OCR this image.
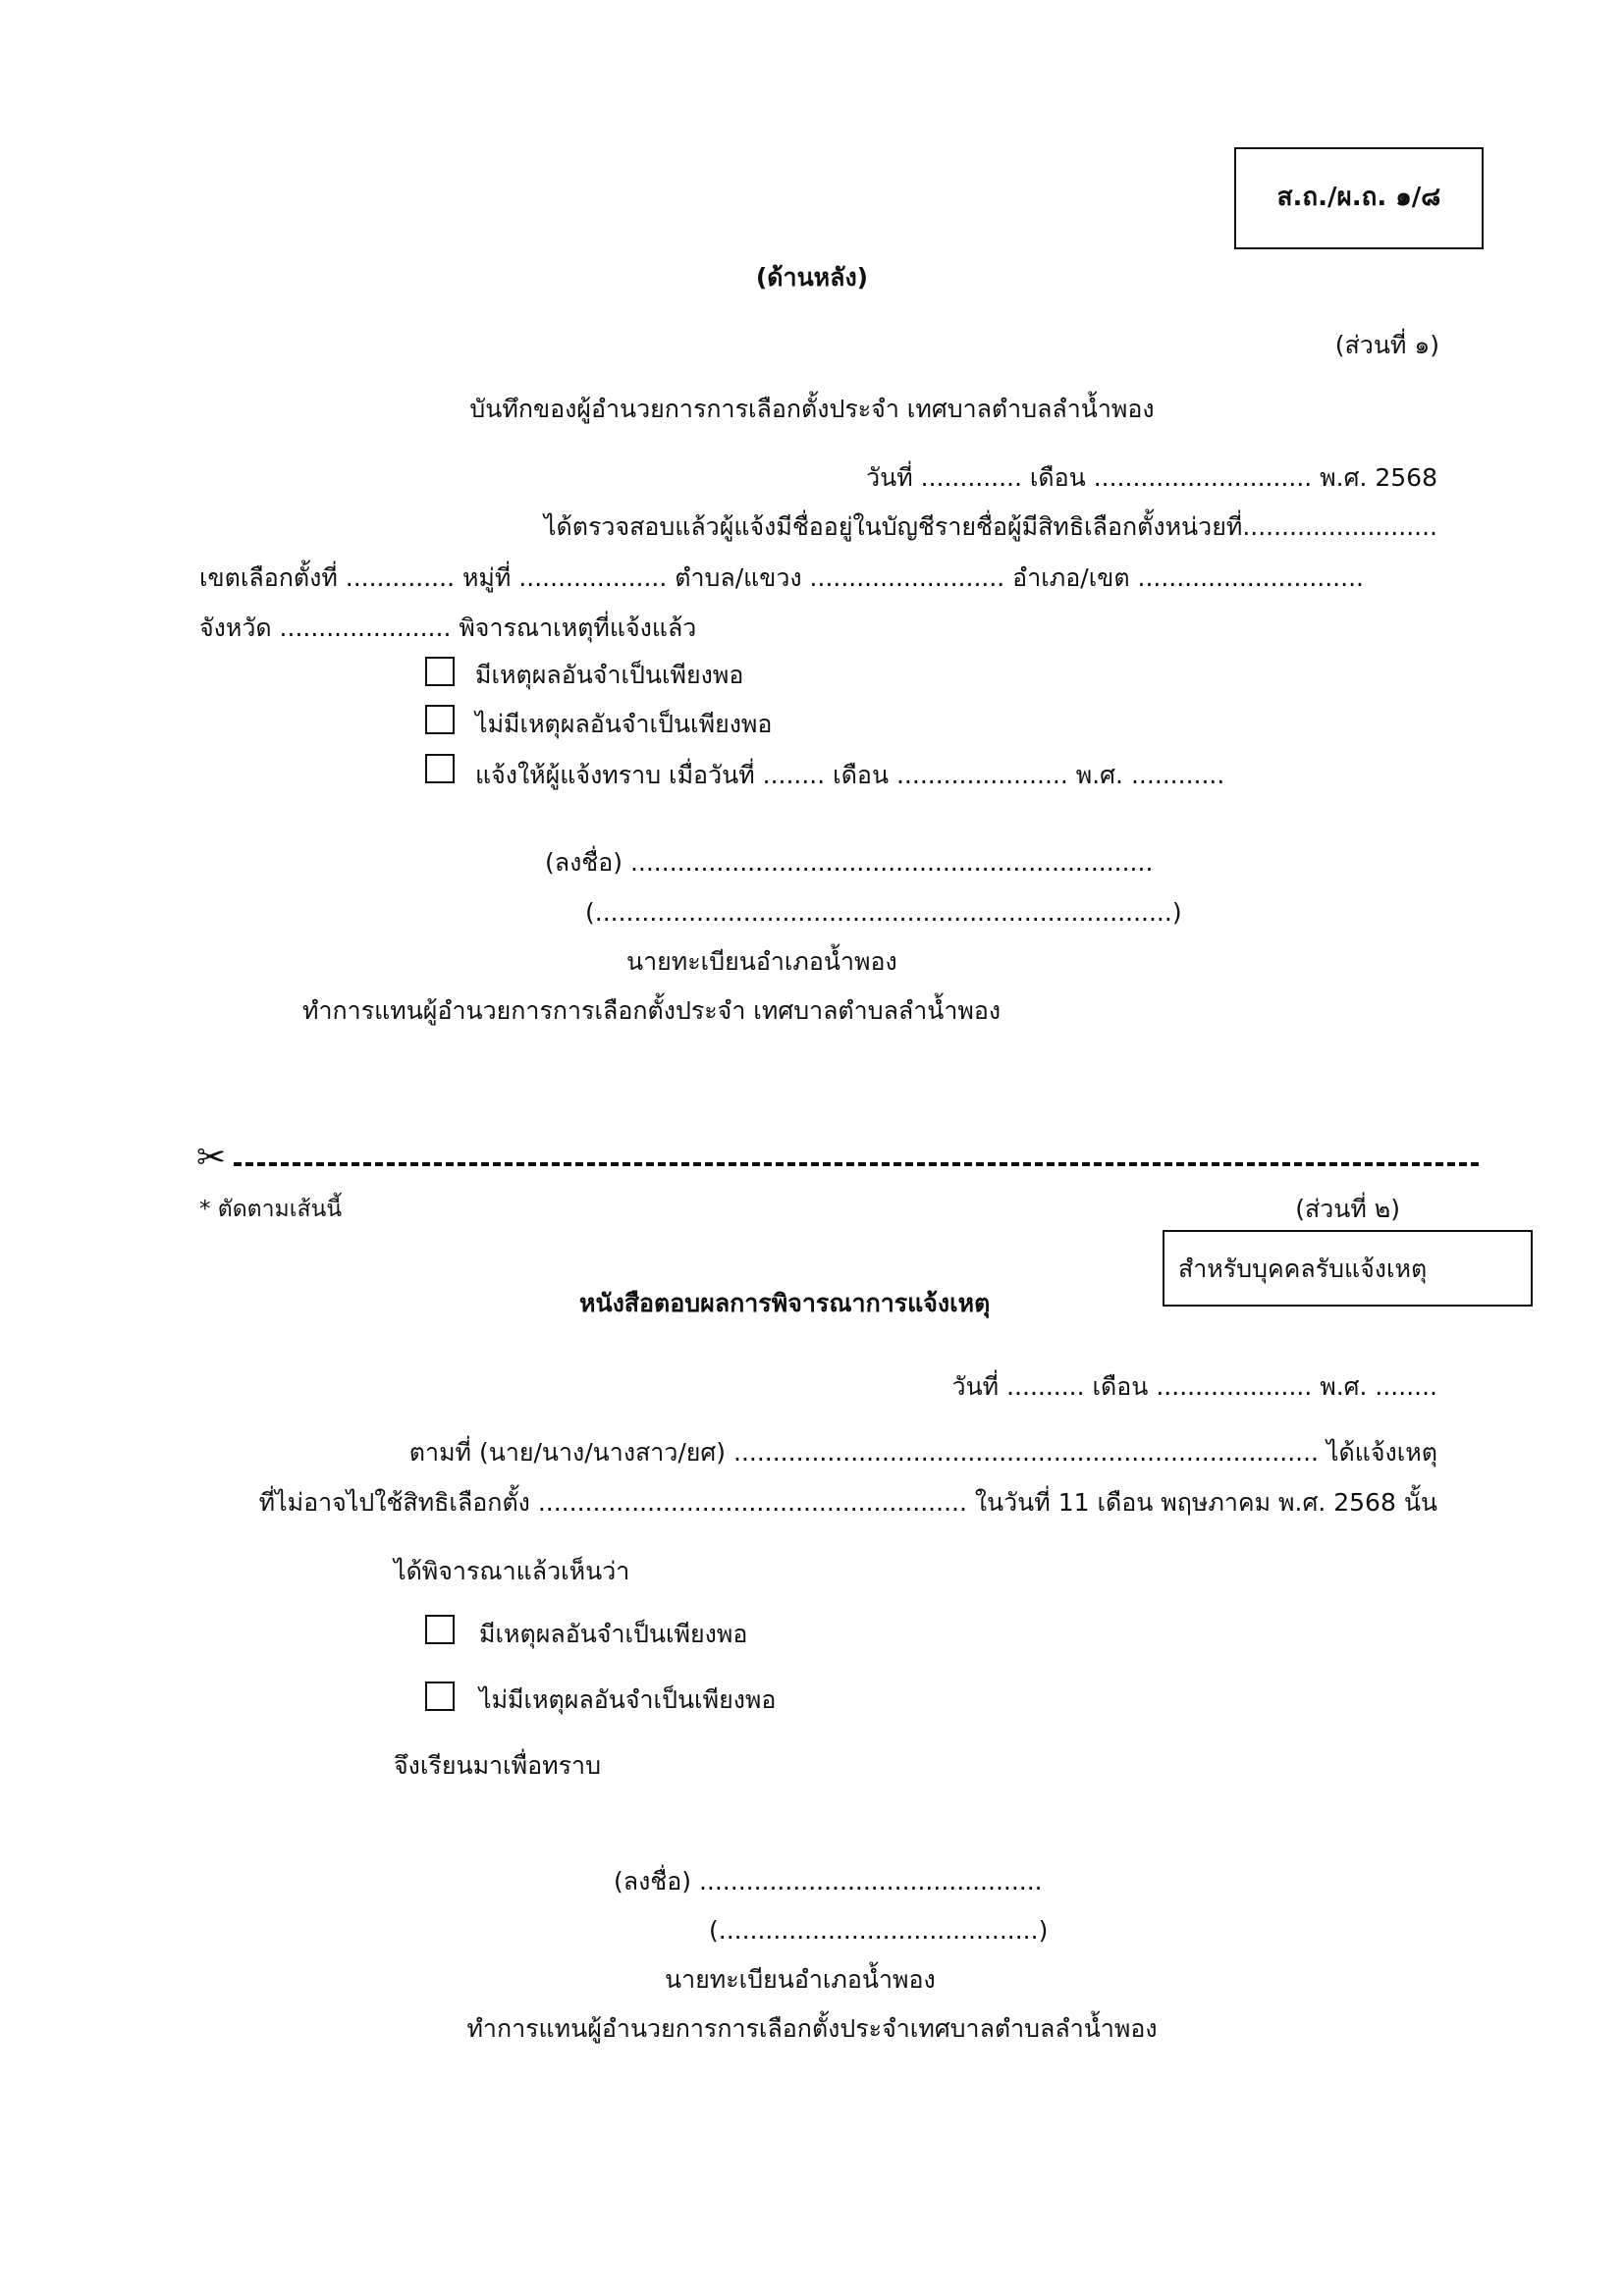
ส.ถ./ผ.ถ. ๑/๘
(ด้านหลัง)
(ส่วนที่ ๑)
บันทึกของผู้อำนวยการการเลือกตั้งประจำ เทศบาลตำบลลำน้ำพอง
วันที่ ............. เดือน ............................ พ.ศ. 2568
ได้ตรวจสอบแล้วผู้แจ้งมีชื่ออยู่ในบัญชีรายชื่อผู้มีสิทธิเลือกตั้งหน่วยที่.........................
เขตเลือกตั้งที่ .............. หมู่ที่ ................... ตำบล/แขวง ......................... อำเภอ/เขต .............................
จังหวัด ...................... พิจารณาเหตุที่แจ้งแล้ว
มีเหตุผลอันจำเป็นเพียงพอ
ไม่มีเหตุผลอันจำเป็นเพียงพอ
แจ้งให้ผู้แจ้งทราบ เมื่อวันที่ ........ เดือน ...................... พ.ศ. ............
(ลงชื่อ) ...................................................................
(..........................................................................)
นายทะเบียนอำเภอน้ำพอง
ทำการแทนผู้อำนวยการการเลือกตั้งประจำ เทศบาลตำบลลำน้ำพอง
✂
* ตัดตามเส้นนี้	(ส่วนที่ ๒)
สำหรับบุคคลรับแจ้งเหตุ
หนังสือตอบผลการพิจารณาการแจ้งเหตุ
วันที่ .......... เดือน .................... พ.ศ. ........
ตามที่ (นาย/นาง/นางสาว/ยศ) ........................................................................... ได้แจ้งเหตุ
ที่ไม่อาจไปใช้สิทธิเลือกตั้ง ....................................................... ในวันที่ 11 เดือน พฤษภาคม พ.ศ. 2568 นั้น
ได้พิจารณาแล้วเห็นว่า
มีเหตุผลอันจำเป็นเพียงพอ
ไม่มีเหตุผลอันจำเป็นเพียงพอ
จึงเรียนมาเพื่อทราบ
(ลงชื่อ) ............................................
(.........................................)
นายทะเบียนอำเภอน้ำพอง
ทำการแทนผู้อำนวยการการเลือกตั้งประจำเทศบาลตำบลลำน้ำพอง
